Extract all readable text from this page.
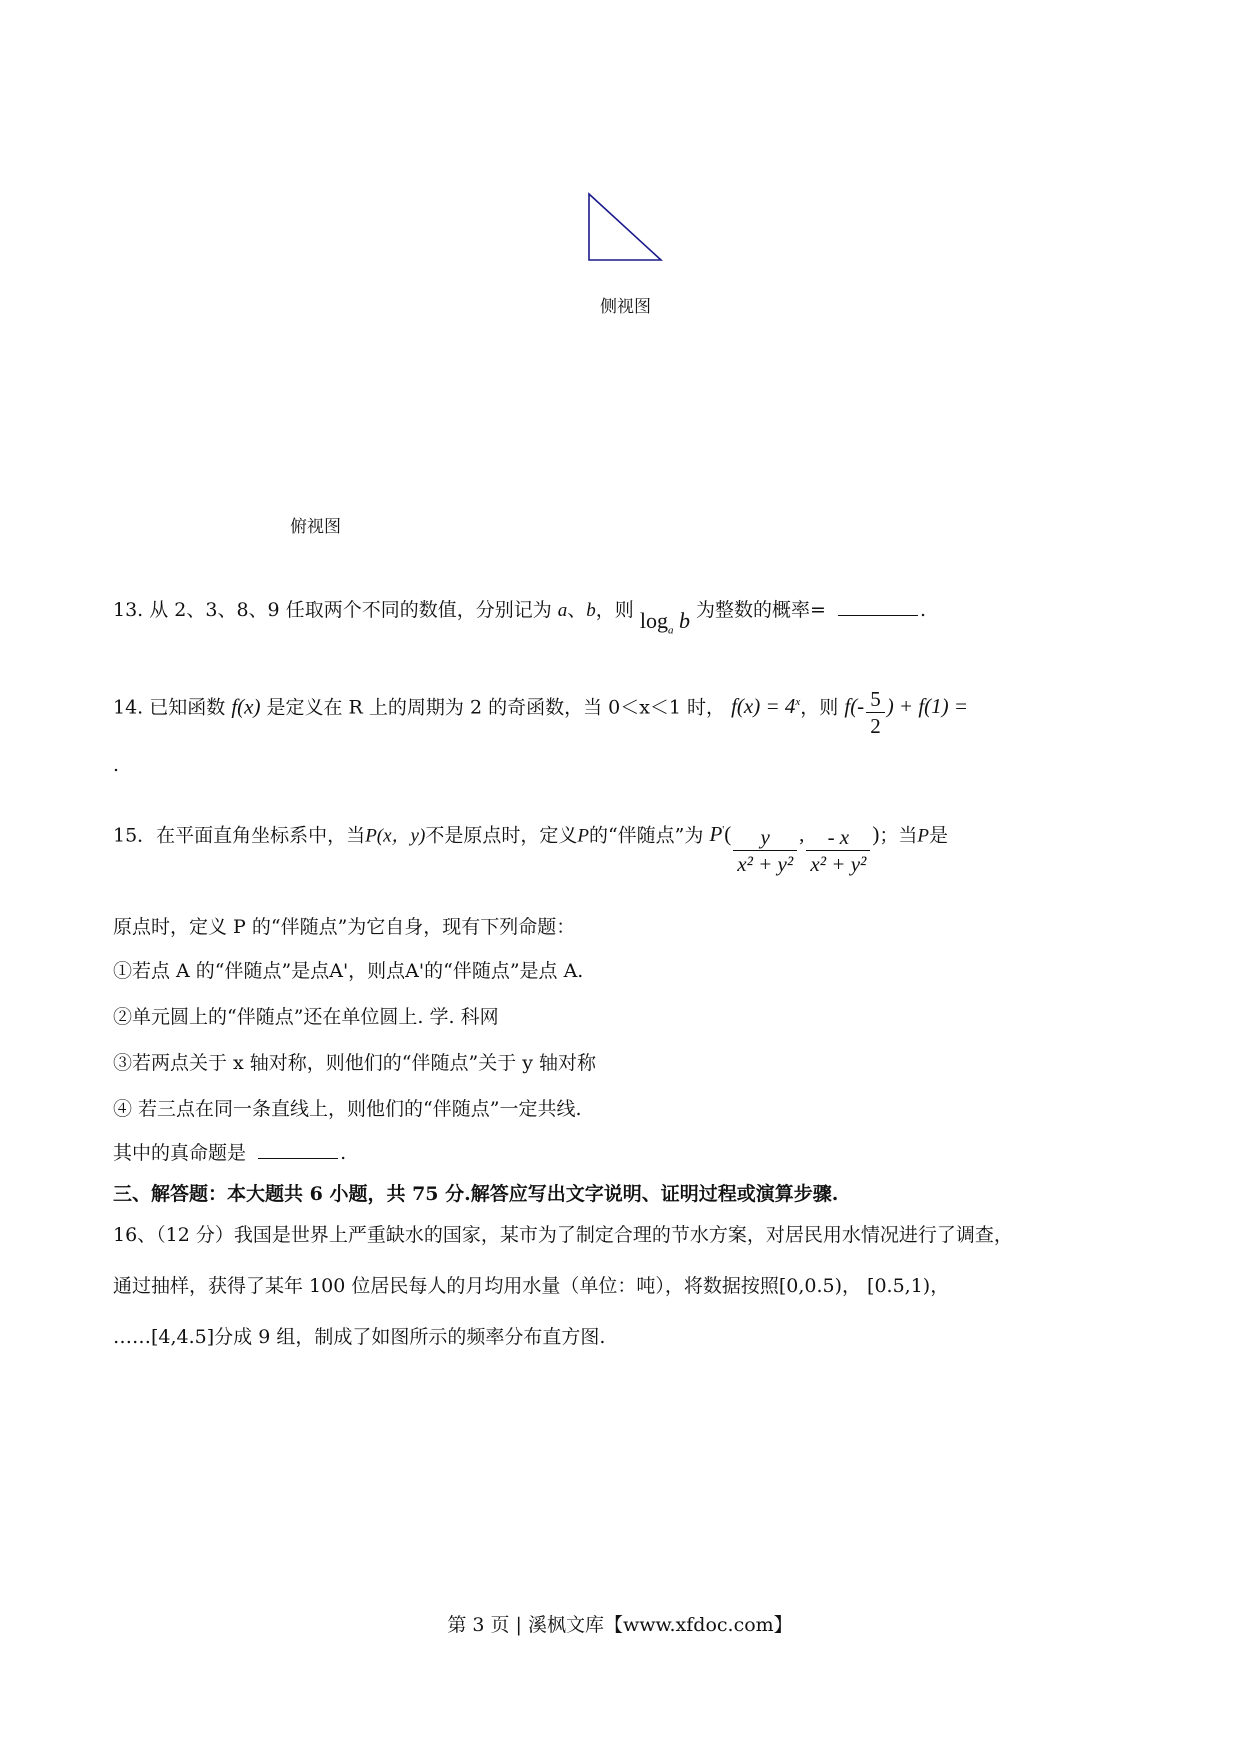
侧视图
俯视图
13. 从 2、3、8、9 任取两个不同的数值，分别记为 a、b，则 $\log_a b$ 为整数的概率=	.
14. 已知函数 f(x) 是定义在 R 上的周期为 2 的奇函数，当 0＜x＜1 时， $f(x) = 4^x$，则 $f(- \frac{5}{2}$ ) + f(1) =
.
15．在平面直角坐标系中，当P(x，y)不是原点时，定义P的“伴随点”为 $P'( \frac{y}{\text{x² + y²}}$ , $\frac{- x}{\text{x² + y²}}$ )；当P是
原点时，定义 P 的“伴随点”为它自身，现有下列命题：
①若点 A 的“伴随点”是点A'，则点A'的“伴随点”是点 A.
②单元圆上的“伴随点”还在单位圆上. 学. 科网
③若两点关于 x 轴对称，则他们的“伴随点”关于 y 轴对称
④ 若三点在同一条直线上，则他们的“伴随点”一定共线.
其中的真命题是	.
三、解答题：本大题共 6 小题，共 75 分.解答应写出文字说明、证明过程或演算步骤.
16、（12 分）我国是世界上严重缺水的国家，某市为了制定合理的节水方案，对居民用水情况进行了调查，
通过抽样，获得了某年 100 位居民每人的月均用水量（单位：吨），将数据按照[0,0.5)， [0.5,1)，
……[4,4.5]分成 9 组，制成了如图所示的频率分布直方图.
第 3 页 | 溪枫文库【www.xfdoc.com】
